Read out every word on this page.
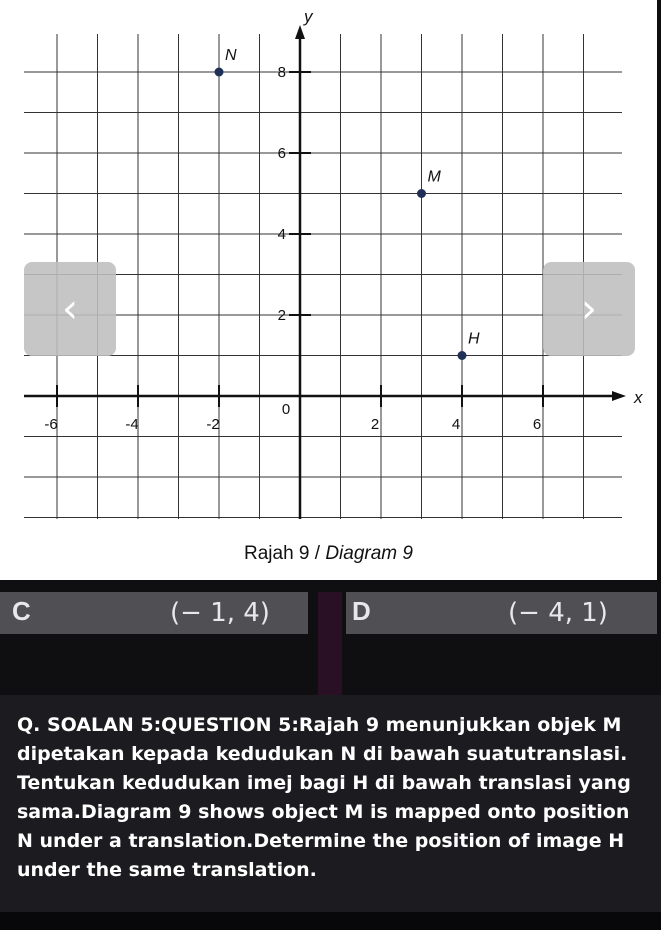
x
y
-6	-4	-2
0
2	4	6
8
6
4
2
N
M
H
Rajah 9 / Diagram 9
‹	›
C	(− 1, 4)	D	(− 4, 1)
Q. SOALAN 5:QUESTION 5:Rajah 9 menunjukkan objek M dipetakan kepada kedudukan N di bawah suatutranslasi. Tentukan kedudukan imej bagi H di bawah translasi yang sama.Diagram 9 shows object M is mapped onto position N under a translation.Determine the position of image H under the same translation.
